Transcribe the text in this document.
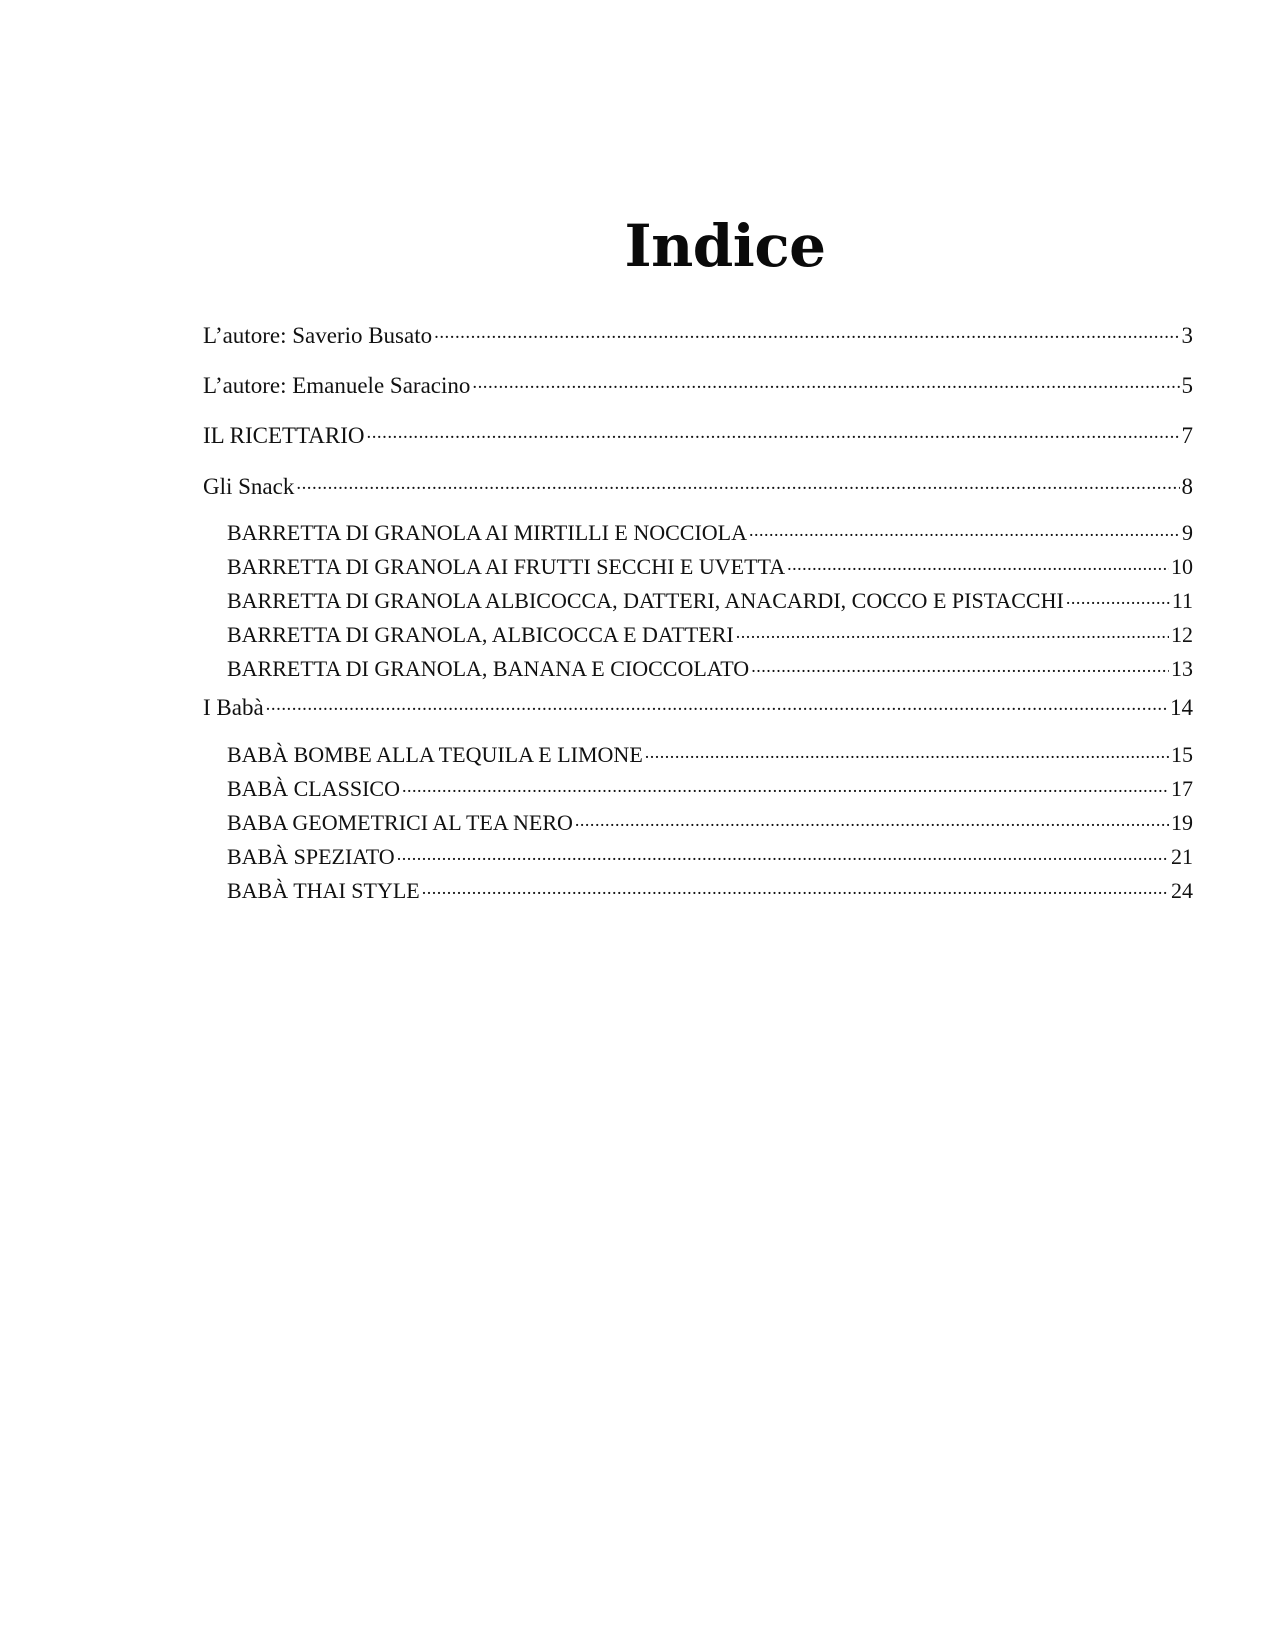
Indice
L’autore: Saverio Busato .....	3
L’autore: Emanuele Saracino .....	5
IL RICETTARIO .....	7
Gli Snack .....	8
BARRETTA DI GRANOLA AI MIRTILLI E NOCCIOLA .....	9
BARRETTA DI GRANOLA AI FRUTTI SECCHI E UVETTA .....	10
BARRETTA DI GRANOLA ALBICOCCA, DATTERI, ANACARDI, COCCO E PISTACCHI .....	11
BARRETTA DI GRANOLA, ALBICOCCA E DATTERI .....	12
BARRETTA DI GRANOLA, BANANA E CIOCCOLATO .....	13
I Babà .....	14
BABÀ BOMBE ALLA TEQUILA E LIMONE .....	15
BABÀ CLASSICO .....	17
BABA GEOMETRICI AL TEA NERO .....	19
BABÀ SPEZIATO .....	21
BABÀ THAI STYLE .....	24
